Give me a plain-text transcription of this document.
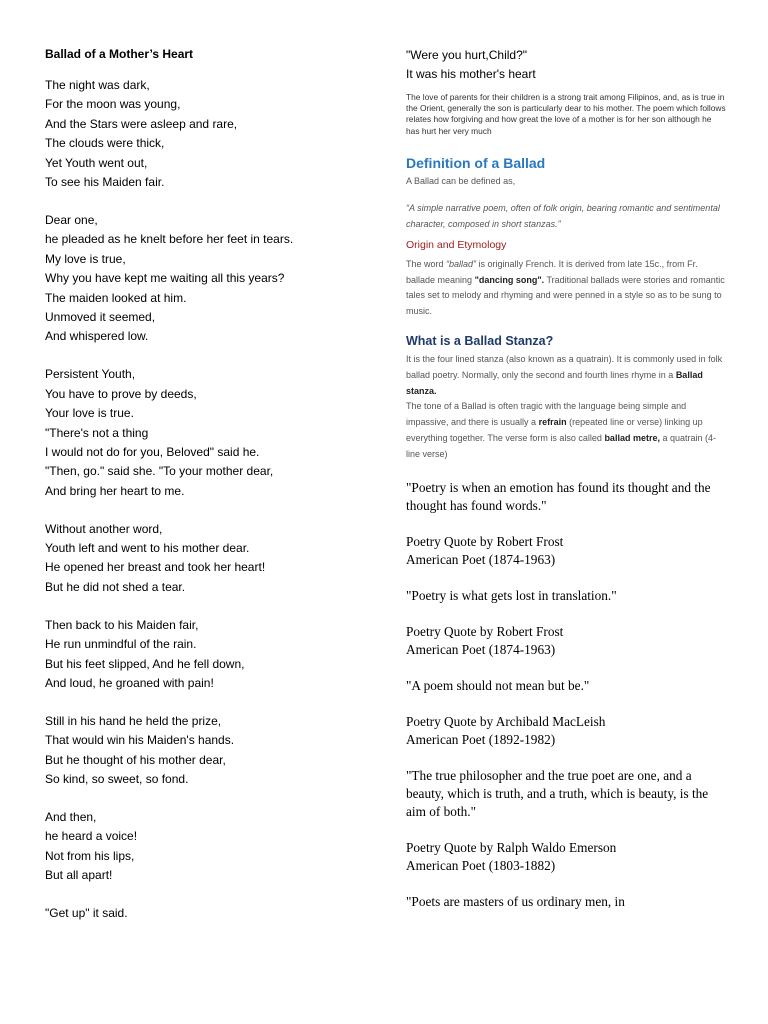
Ballad of a Mother’s Heart
The night was dark,
For the moon was young,
And the Stars were asleep and rare,
The clouds were thick,
Yet Youth went out,
To see his Maiden fair.
Dear one,
he pleaded as he knelt before her feet in tears.
My love is true,
Why you have kept me waiting all this years?
The maiden looked at him.
Unmoved it seemed,
And whispered low.
Persistent Youth,
You have to prove by deeds,
Your love is true.
"There's not a thing
I would not do for you, Beloved" said he.
"Then, go." said she. "To your mother dear,
And bring her heart to me.
Without another word,
Youth left and went to his mother dear.
He opened her breast and took her heart!
But he did not shed a tear.
Then back to his Maiden fair,
He run unmindful of the rain.
But his feet slipped, And he fell down,
And loud, he groaned with pain!
Still in his hand he held the prize,
That would win his Maiden's hands.
But he thought of his mother dear,
So kind, so sweet, so fond.
And then,
he heard a voice!
Not from his lips,
But all apart!
"Get up" it said.
"Were you hurt,Child?"
It was his mother's heart
The love of parents for their children is a strong trait among Filipinos, and, as is true in the Orient, generally the son is particularly dear to his mother. The poem which follows relates how forgiving and how great the love of a mother is for her son although he has hurt her very much
Definition of a Ballad
A Ballad can be defined as,
“A simple narrative poem, often of folk origin, bearing romantic and sentimental character, composed in short stanzas.”
Origin and Etymology
The word “ballad” is originally French. It is derived from late 15c., from Fr. ballade meaning "dancing song". Traditional ballads were stories and romantic tales set to melody and rhyming and were penned in a style so as to be sung to music.
What is a Ballad Stanza?
It is the four lined stanza (also known as a quatrain). It is commonly used in folk ballad poetry. Normally, only the second and fourth lines rhyme in a Ballad stanza.
The tone of a Ballad is often tragic with the language being simple and impassive, and there is usually a refrain (repeated line or verse) linking up everything together. The verse form is also called ballad metre, a quatrain (4-line verse)
"Poetry is when an emotion has found its thought and the thought has found words."
Poetry Quote by Robert Frost
American Poet (1874-1963)
"Poetry is what gets lost in translation."
Poetry Quote by Robert Frost
American Poet (1874-1963)
"A poem should not mean but be."
Poetry Quote by Archibald MacLeish
American Poet (1892-1982)
"The true philosopher and the true poet are one, and a beauty, which is truth, and a truth, which is beauty, is the aim of both."
Poetry Quote by Ralph Waldo Emerson
American Poet (1803-1882)
"Poets are masters of us ordinary men, in
